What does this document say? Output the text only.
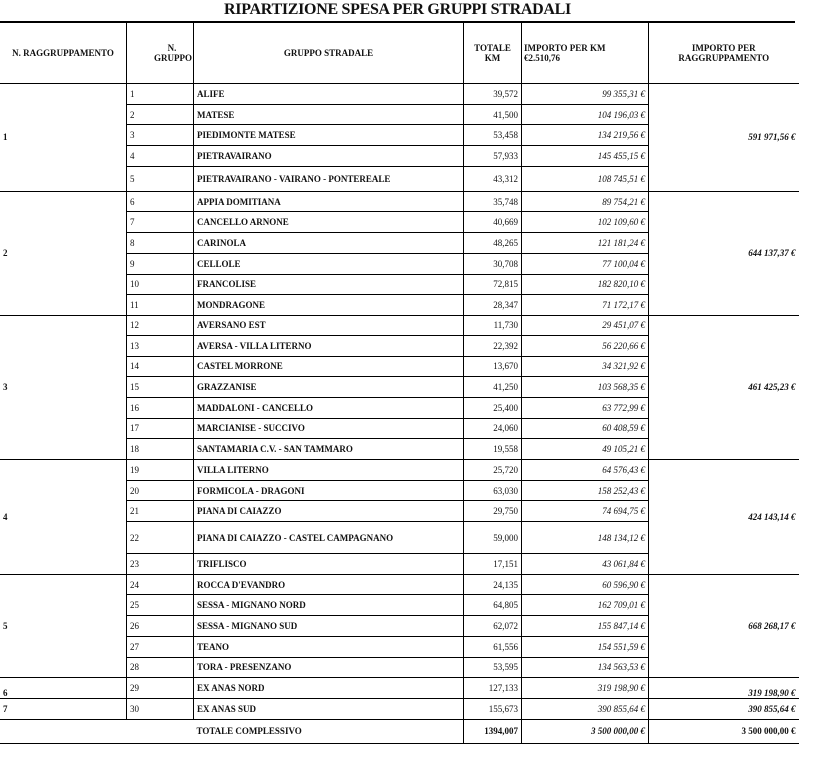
RIPARTIZIONE SPESA PER GRUPPI STRADALI
N. RAGGRUPPAMENTO	N. GRUPPO	GRUPPO STRADALE	TOTALE KM	IMPORTO PER KM €2.510,76	IMPORTO PER RAGGRUPPAMENTO
1	1	ALIFE	39,572	99 355,31 €	591 971,56 €
	2	MATESE	41,500	104 196,03 €	
	3	PIEDIMONTE MATESE	53,458	134 219,56 €	
	4	PIETRAVAIRANO	57,933	145 455,15 €	
	5	PIETRAVAIRANO - VAIRANO - PONTEREALE	43,312	108 745,51 €	
2	6	APPIA DOMITIANA	35,748	89 754,21 €	644 137,37 €
	7	CANCELLO ARNONE	40,669	102 109,60 €	
	8	CARINOLA	48,265	121 181,24 €	
	9	CELLOLE	30,708	77 100,04 €	
	10	FRANCOLISE	72,815	182 820,10 €	
	11	MONDRAGONE	28,347	71 172,17 €	
3	12	AVERSANO EST	11,730	29 451,07 €	461 425,23 €
	13	AVERSA - VILLA LITERNO	22,392	56 220,66 €	
	14	CASTEL MORRONE	13,670	34 321,92 €	
	15	GRAZZANISE	41,250	103 568,35 €	
	16	MADDALONI - CANCELLO	25,400	63 772,99 €	
	17	MARCIANISE - SUCCIVO	24,060	60 408,59 €	
	18	SANTAMARIA C.V. - SAN TAMMARO	19,558	49 105,21 €	
4	19	VILLA LITERNO	25,720	64 576,43 €	424 143,14 €
	20	FORMICOLA - DRAGONI	63,030	158 252,43 €	
	21	PIANA DI CAIAZZO	29,750	74 694,75 €	
	22	PIANA DI CAIAZZO - CASTEL CAMPAGNANO	59,000	148 134,12 €	
	23	TRIFLISCO	17,151	43 061,84 €	
5	24	ROCCA D'EVANDRO	24,135	60 596,90 €	668 268,17 €
	25	SESSA - MIGNANO NORD	64,805	162 709,01 €	
	26	SESSA - MIGNANO SUD	62,072	155 847,14 €	
	27	TEANO	61,556	154 551,59 €	
	28	TORA - PRESENZANO	53,595	134 563,53 €	
6	29	EX ANAS NORD	127,133	319 198,90 €	319 198,90 €
7	30	EX ANAS SUD	155,673	390 855,64 €	390 855,64 €
		TOTALE COMPLESSIVO	1394,007	3 500 000,00 €	3 500 000,00 €
